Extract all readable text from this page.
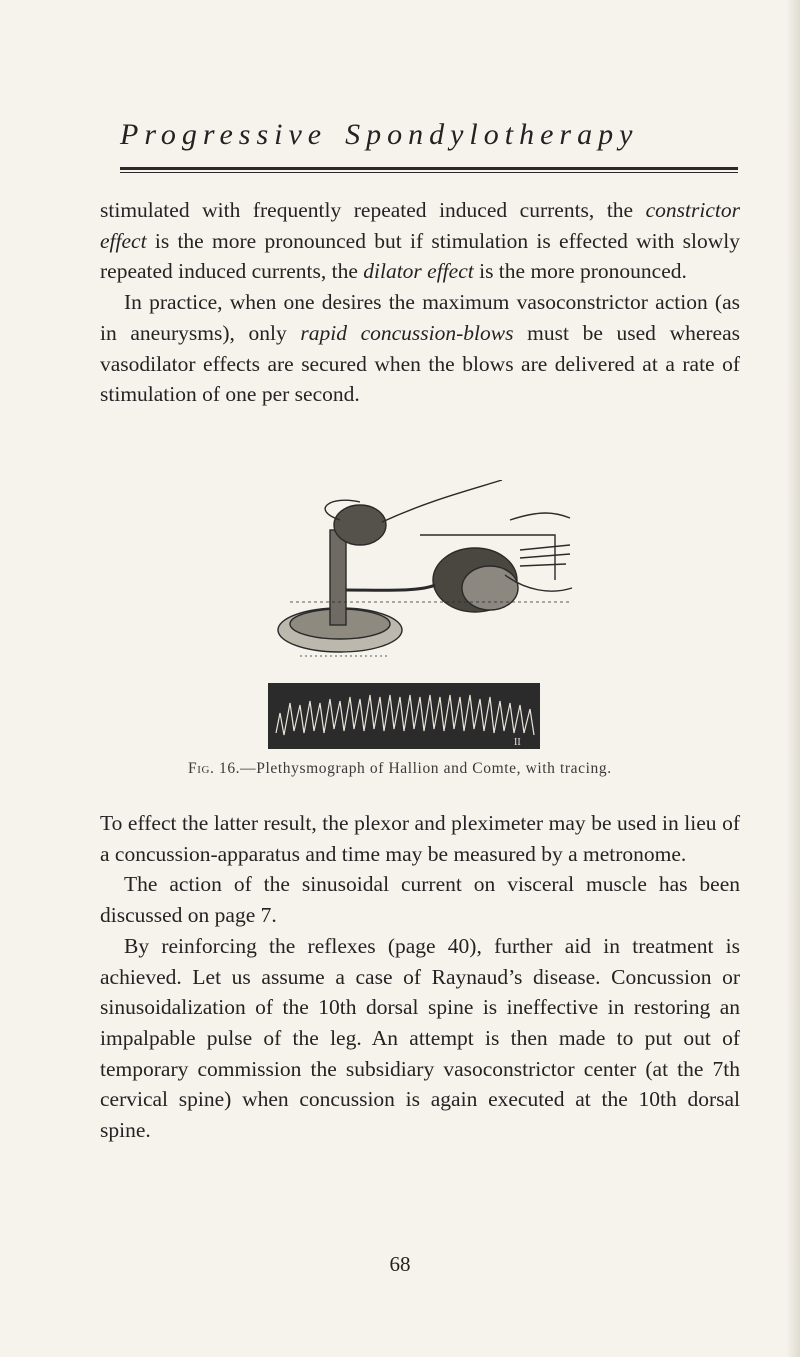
Progressive Spondylotherapy

stimulated with frequently repeated induced currents, the constrictor effect is the more pronounced but if stimulation is effected with slowly repeated induced currents, the dilator effect is the more pronounced.

In practice, when one desires the maximum vasoconstrictor action (as in aneurysms), only rapid concussion-blows must be used whereas vasodilator effects are secured when the blows are delivered at a rate of stimulation of one per second.

II
Fig. 16.—Plethysmograph of Hallion and Comte, with tracing.

To effect the latter result, the plexor and pleximeter may be used in lieu of a concussion-apparatus and time may be measured by a metronome.

The action of the sinusoidal current on visceral muscle has been discussed on page 7.

By reinforcing the reflexes (page 40), further aid in treatment is achieved. Let us assume a case of Raynaud’s disease. Concussion or sinusoidalization of the 10th dorsal spine is ineffective in restoring an impalpable pulse of the leg. An attempt is then made to put out of temporary commission the subsidiary vasoconstrictor center (at the 7th cervical spine) when concussion is again executed at the 10th dorsal spine.

68
